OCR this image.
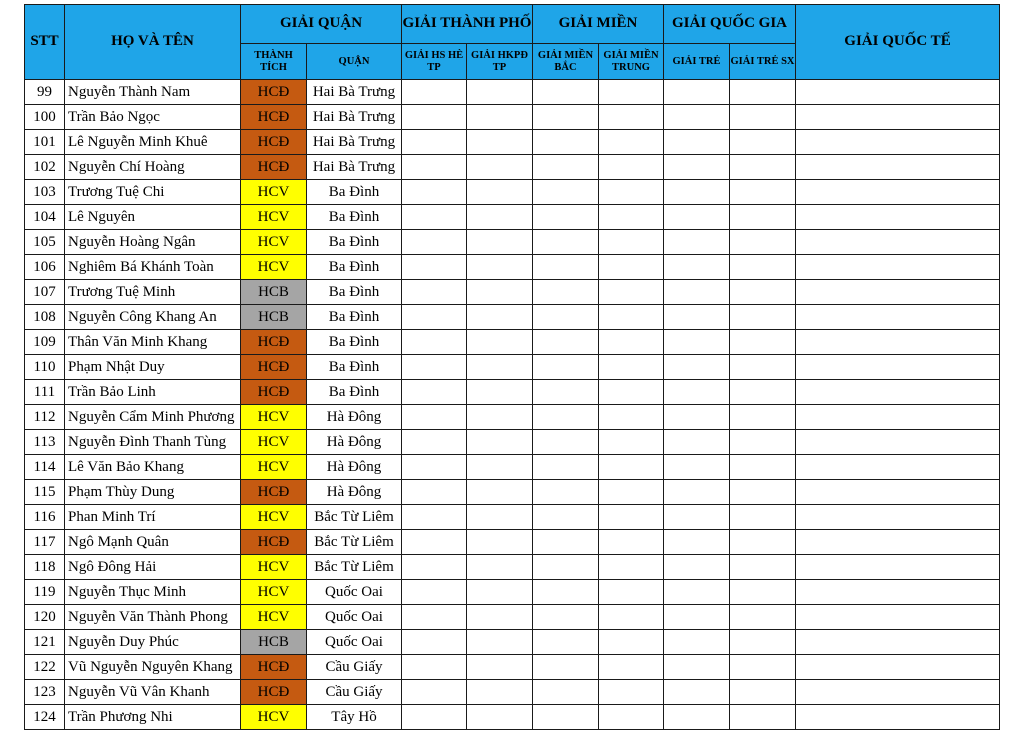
STT	HỌ VÀ TÊN	GIẢI QUẬN		GIẢI THÀNH PHỐ		GIẢI MIỀN		GIẢI QUỐC GIA		GIẢI QUỐC TẾ
		THÀNH TÍCH	QUẬN	GIẢI HS HÈ TP	GIẢI HKPĐ TP	GIẢI MIỀN BẮC	GIẢI MIỀN TRUNG	GIẢI TRẺ	GIẢI TRẺ SX	
99	Nguyễn Thành Nam	HCĐ	Hai Bà Trưng							
100	Trần Bảo Ngọc	HCĐ	Hai Bà Trưng							
101	Lê Nguyễn Minh Khuê	HCĐ	Hai Bà Trưng							
102	Nguyễn Chí Hoàng	HCĐ	Hai Bà Trưng							
103	Trương Tuệ Chi	HCV	Ba Đình							
104	Lê Nguyên	HCV	Ba Đình							
105	Nguyễn Hoàng Ngân	HCV	Ba Đình							
106	Nghiêm Bá Khánh Toàn	HCV	Ba Đình							
107	Trương Tuệ Minh	HCB	Ba Đình							
108	Nguyễn Công Khang An	HCB	Ba Đình							
109	Thân Văn Minh Khang	HCĐ	Ba Đình							
110	Phạm Nhật Duy	HCĐ	Ba Đình							
111	Trần Bảo Linh	HCĐ	Ba Đình							
112	Nguyễn Cẩm Minh Phương	HCV	Hà Đông							
113	Nguyễn Đình Thanh Tùng	HCV	Hà Đông							
114	Lê Văn Bảo Khang	HCV	Hà Đông							
115	Phạm Thùy Dung	HCĐ	Hà Đông							
116	Phan Minh Trí	HCV	Bắc Từ Liêm							
117	Ngô Mạnh Quân	HCĐ	Bắc Từ Liêm							
118	Ngô Đông Hải	HCV	Bắc Từ Liêm							
119	Nguyễn Thục Minh	HCV	Quốc Oai							
120	Nguyễn Văn Thành Phong	HCV	Quốc Oai							
121	Nguyễn Duy Phúc	HCB	Quốc Oai							
122	Vũ Nguyễn Nguyên Khang	HCĐ	Cầu Giấy							
123	Nguyễn Vũ Vân Khanh	HCĐ	Cầu Giấy							
124	Trần Phương Nhi	HCV	Tây Hồ							
